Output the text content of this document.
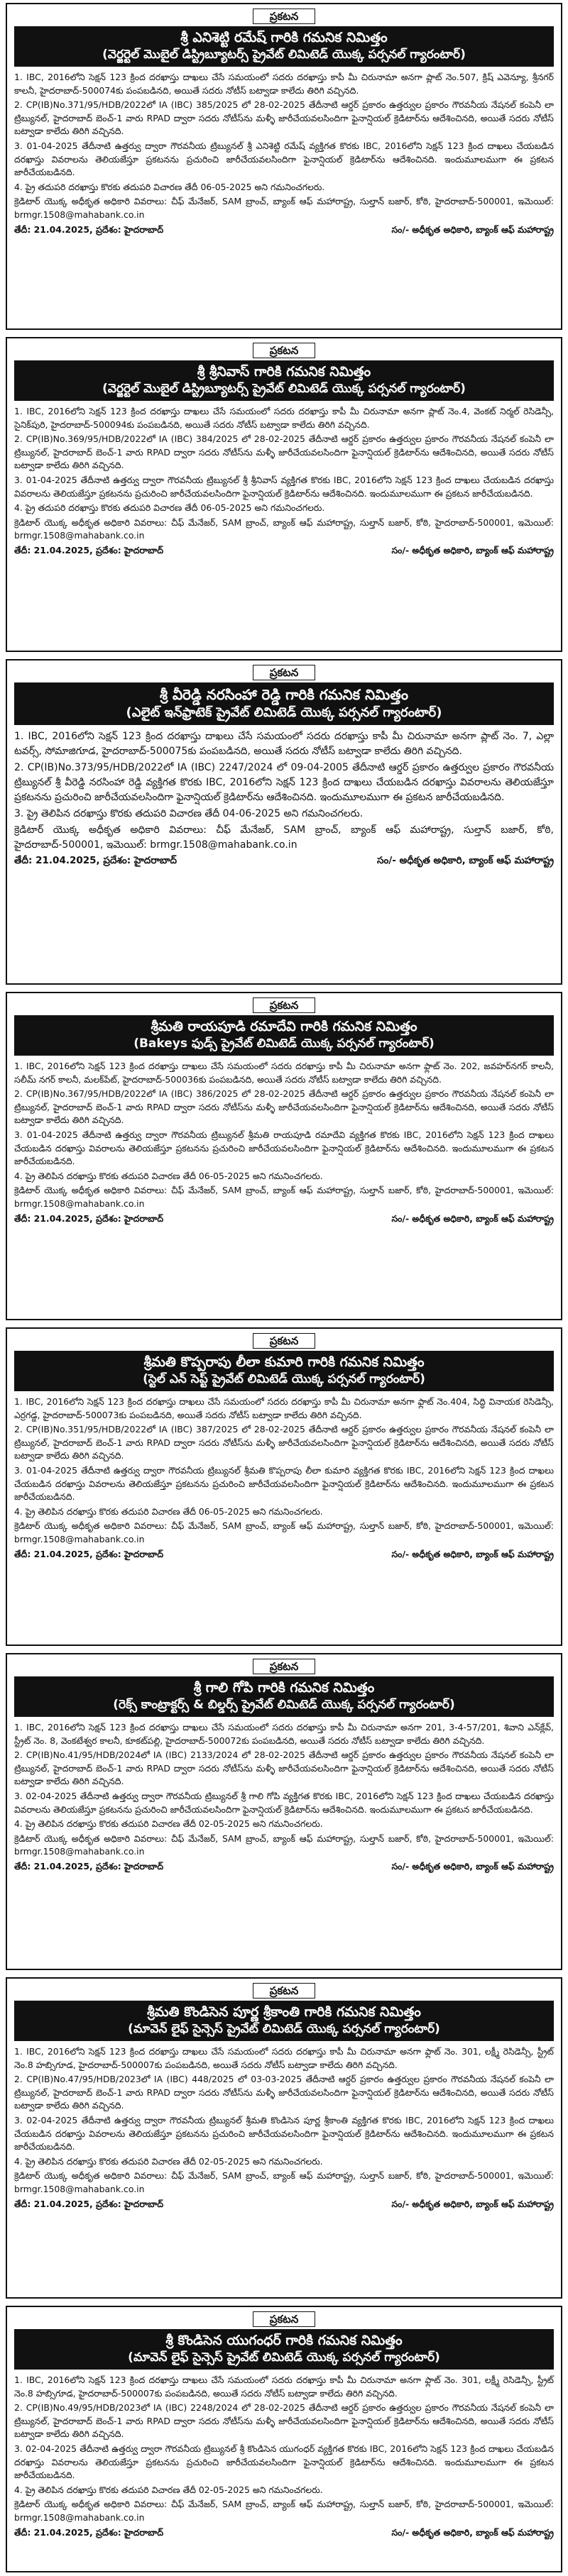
ప్రకటన
శ్రీ ఎనిశెట్టి రమేష్ గారికి గమనిక నిమిత్తం
(వెర్జర్టెల్ మొబైల్ డిస్ట్రిబ్యూటర్స్ ప్రైవేట్ లిమిటెడ్ యొక్క పర్సనల్ గ్యారంటార్)

1. IBC, 2016లోని సెక్షన్ 123 క్రింద దరఖాస్తు దాఖలు చేసే సమయంలో సదరు దరఖాస్తు కాపీ మీ చిరునామా అనగా ప్లాట్ నెం.507, క్రిష్ ఎవెన్యూ, శ్రీనగర్ కాలనీ, హైదరాబాద్-500074కు పంపబడినది, అయితే సదరు నోటీస్ బట్వాడా కాలేదు తిరిగి వచ్చినది.

2. CP(IB)No.371/95/HDB/2022లో IA (IBC) 385/2025 లో 28-02-2025 తేదీనాటి ఆర్డర్ ప్రకారం ఉత్తర్వుల ప్రకారం గౌరవనీయ నేషనల్ కంపెనీ లా ట్రిబ్యునల్, హైదరాబాద్ బెంచ్-1 వారు RPAD ద్వారా సదరు నోటీస్‌ను మళ్ళీ జారీచేయవలసిందిగా ఫైనాన్షియల్ క్రెడిటార్‌ను ఆదేశించినది, అయితే సదరు నోటీస్ బట్వాడా కాలేదు తిరిగి వచ్చినది.

3. 01-04-2025 తేదీనాటి ఉత్తర్వు ద్వారా గౌరవనీయ ట్రిబ్యునల్ శ్రీ ఎనిశెట్టి రమేష్ వ్యక్తిగత కొరకు IBC, 2016లోని సెక్షన్ 123 క్రింద దాఖలు చేయబడిన దరఖాస్తు వివరాలను తెలియజేస్తూ ప్రకటనను ప్రచురించి జారీచేయవలసిందిగా ఫైనాన్షియల్ క్రెడిటార్‌ను ఆదేశించినది. ఇందుమూలముగా ఈ ప్రకటన జారీచేయబడినది.

4. ప్రై తదుపరి దరఖాస్తు కొరకు తదుపరి విచారణ తేదీ 06-05-2025 అని గమనించగలరు.

క్రెడిటార్ యొక్క అధీకృత అధికారి వివరాలు: చీఫ్ మేనేజర్, SAM బ్రాంచ్, బ్యాంక్ ఆఫ్ మహారాష్ట్ర, సుల్తాన్ బజార్, కోఠి, హైదరాబాద్-500001, ఇమెయిల్: brmgr.1508@mahabank.co.in

తేదీ: 21.04.2025, ప్రదేశం: హైదరాబాద్	సం/- అధీకృత అధికారి, బ్యాంక్ ఆఫ్ మహారాష్ట్ర
ప్రకటన
శ్రీ శ్రీనివాస్ గారికి గమనిక నిమిత్తం
(వెర్జర్టెల్ మొబైల్ డిస్ట్రిబ్యూటర్స్ ప్రైవేట్ లిమిటెడ్ యొక్క పర్సనల్ గ్యారంటార్)

1. IBC, 2016లోని సెక్షన్ 123 క్రింద దరఖాస్తు దాఖలు చేసే సమయంలో సదరు దరఖాస్తు కాపీ మీ చిరునామా అనగా ప్లాట్ నెం.4, వెంకట్ నిర్మల్ రెసిడెన్సీ, సైనిక్‌పురి, హైదరాబాద్-500094కు పంపబడినది, అయితే సదరు నోటీస్ బట్వాడా కాలేదు తిరిగి వచ్చినది.

2. CP(IB)No.369/95/HDB/2022లో IA (IBC) 384/2025 లో 28-02-2025 తేదీనాటి ఆర్డర్ ప్రకారం ఉత్తర్వుల ప్రకారం గౌరవనీయ నేషనల్ కంపెనీ లా ట్రిబ్యునల్, హైదరాబాద్ బెంచ్-1 వారు RPAD ద్వారా సదరు నోటీస్‌ను మళ్ళీ జారీచేయవలసిందిగా ఫైనాన్షియల్ క్రెడిటార్‌ను ఆదేశించినది, అయితే సదరు నోటీస్ బట్వాడా కాలేదు తిరిగి వచ్చినది.

3. 01-04-2025 తేదీనాటి ఉత్తర్వు ద్వారా గౌరవనీయ ట్రిబ్యునల్ శ్రీ శ్రీనివాస్ వ్యక్తిగత కొరకు IBC, 2016లోని సెక్షన్ 123 క్రింద దాఖలు చేయబడిన దరఖాస్తు వివరాలను తెలియజేస్తూ ప్రకటనను ప్రచురించి జారీచేయవలసిందిగా ఫైనాన్షియల్ క్రెడిటార్‌ను ఆదేశించినది. ఇందుమూలముగా ఈ ప్రకటన జారీచేయబడినది.

4. ప్రై తదుపరి దరఖాస్తు కొరకు తదుపరి విచారణ తేదీ 06-05-2025 అని గమనించగలరు.

క్రెడిటార్ యొక్క అధీకృత అధికారి వివరాలు: చీఫ్ మేనేజర్, SAM బ్రాంచ్, బ్యాంక్ ఆఫ్ మహారాష్ట్ర, సుల్తాన్ బజార్, కోఠి, హైదరాబాద్-500001, ఇమెయిల్: brmgr.1508@mahabank.co.in

తేదీ: 21.04.2025, ప్రదేశం: హైదరాబాద్	సం/- అధీకృత అధికారి, బ్యాంక్ ఆఫ్ మహారాష్ట్ర
ప్రకటన
శ్రీ వీరెడ్డి నరసింహా రెడ్డి గారికి గమనిక నిమిత్తం
(ఎలైట్ ఇన్‌ఫ్రాటెక్ ప్రైవేట్ లిమిటెడ్ యొక్క పర్సనల్ గ్యారంటార్)

1. IBC, 2016లోని సెక్షన్ 123 క్రింద దరఖాస్తు దాఖలు చేసే సమయంలో సదరు దరఖాస్తు కాపీ మీ చిరునామా అనగా ప్లాట్ నెం. 7, ఎల్లా టవర్స్, సోమాజిగూడ, హైదరాబాద్-500075కు పంపబడినది, అయితే సదరు నోటీస్ బట్వాడా కాలేదు తిరిగి వచ్చినది.

2. CP(IB)No.373/95/HDB/2022లో IA (IBC) 2247/2024 లో 09-04-2005 తేదీనాటి ఆర్డర్ ప్రకారం ఉత్తర్వుల ప్రకారం గౌరవనీయ ట్రిబ్యునల్ శ్రీ వీరెడ్డి నరసింహా రెడ్డి వ్యక్తిగత కొరకు IBC, 2016లోని సెక్షన్ 123 క్రింద దాఖలు చేయబడిన దరఖాస్తు వివరాలను తెలియజేస్తూ ప్రకటనను ప్రచురించి జారీచేయవలసిందిగా ఫైనాన్షియల్ క్రెడిటార్‌ను ఆదేశించినది. ఇందుమూలముగా ఈ ప్రకటన జారీచేయబడినది.

3. ప్రై తెలిపిన దరఖాస్తు కొరకు తదుపరి విచారణ తేదీ 04-06-2025 అని గమనించగలరు.

క్రెడిటార్ యొక్క అధీకృత అధికారి వివరాలు: చీఫ్ మేనేజర్, SAM బ్రాంచ్, బ్యాంక్ ఆఫ్ మహారాష్ట్ర, సుల్తాన్ బజార్, కోఠి, హైదరాబాద్-500001, ఇమెయిల్: brmgr.1508@mahabank.co.in

తేదీ: 21.04.2025, ప్రదేశం: హైదరాబాద్	సం/- అధీకృత అధికారి, బ్యాంక్ ఆఫ్ మహారాష్ట్ర
ప్రకటన
శ్రీమతి రాయపూడి రమాదేవి గారికి గమనిక నిమిత్తం
(Bakeys ఫుడ్స్ ప్రైవేట్ లిమిటెడ్ యొక్క పర్సనల్ గ్యారంటార్)

1. IBC, 2016లోని సెక్షన్ 123 క్రింద దరఖాస్తు దాఖలు చేసే సమయంలో సదరు దరఖాస్తు కాపీ మీ చిరునామా అనగా ఫ్లాట్ నెం. 202, జవహర్‌నగర్ కాలనీ, సలీమ్ నగర్ కాలనీ, మలక్‌పేట్, హైదరాబాద్-500036కు పంపబడినది, అయితే సదరు నోటీస్ బట్వాడా కాలేదు తిరిగి వచ్చినది.

2. CP(IB)No.367/95/HDB/2022లో IA (IBC) 386/2025 లో 28-02-2025 తేదీనాటి ఆర్డర్ ప్రకారం ఉత్తర్వుల ప్రకారం గౌరవనీయ నేషనల్ కంపెనీ లా ట్రిబ్యునల్, హైదరాబాద్ బెంచ్-1 వారు RPAD ద్వారా సదరు నోటీస్‌ను మళ్ళీ జారీచేయవలసిందిగా ఫైనాన్షియల్ క్రెడిటార్‌ను ఆదేశించినది, అయితే సదరు నోటీస్ బట్వాడా కాలేదు తిరిగి వచ్చినది.

3. 01-04-2025 తేదీనాటి ఉత్తర్వు ద్వారా గౌరవనీయ ట్రిబ్యునల్ శ్రీమతి రాయపూడి రమాదేవి వ్యక్తిగత కొరకు IBC, 2016లోని సెక్షన్ 123 క్రింద దాఖలు చేయబడిన దరఖాస్తు వివరాలను తెలియజేస్తూ ప్రకటనను ప్రచురించి జారీచేయవలసిందిగా ఫైనాన్షియల్ క్రెడిటార్‌ను ఆదేశించినది. ఇందుమూలముగా ఈ ప్రకటన జారీచేయబడినది.

4. ప్రై తెలిపిన దరఖాస్తు కొరకు తదుపరి విచారణ తేదీ 06-05-2025 అని గమనించగలరు.

క్రెడిటార్ యొక్క అధీకృత అధికారి వివరాలు: చీఫ్ మేనేజర్, SAM బ్రాంచ్, బ్యాంక్ ఆఫ్ మహారాష్ట్ర, సుల్తాన్ బజార్, కోఠి, హైదరాబాద్-500001, ఇమెయిల్: brmgr.1508@mahabank.co.in

తేదీ: 21.04.2025, ప్రదేశం: హైదరాబాద్	సం/- అధీకృత అధికారి, బ్యాంక్ ఆఫ్ మహారాష్ట్ర
ప్రకటన
శ్రీమతి కొప్పరాపు లీలా కుమారి గారికి గమనిక నిమిత్తం
(స్టెల్ ఎన్ సెప్ట్ ప్రైవేట్ లిమిటెడ్ యొక్క పర్సనల్ గ్యారంటార్)

1. IBC, 2016లోని సెక్షన్ 123 క్రింద దరఖాస్తు దాఖలు చేసే సమయంలో సదరు దరఖాస్తు కాపీ మీ చిరునామా అనగా ఫ్లాట్ నెం.404, సిద్ధి వినాయక రెసిడెన్సీ, ఎర్రగడ్డ, హైదరాబాద్-500073కు పంపబడినది, అయితే సదరు నోటీస్ బట్వాడా కాలేదు తిరిగి వచ్చినది.

2. CP(IB)No.351/95/HDB/2022లో IA (IBC) 387/2025 లో 28-02-2025 తేదీనాటి ఆర్డర్ ప్రకారం ఉత్తర్వుల ప్రకారం గౌరవనీయ నేషనల్ కంపెనీ లా ట్రిబ్యునల్, హైదరాబాద్ బెంచ్-1 వారు RPAD ద్వారా సదరు నోటీస్‌ను మళ్ళీ జారీచేయవలసిందిగా ఫైనాన్షియల్ క్రెడిటార్‌ను ఆదేశించినది, అయితే సదరు నోటీస్ బట్వాడా కాలేదు తిరిగి వచ్చినది.

3. 01-04-2025 తేదీనాటి ఉత్తర్వు ద్వారా గౌరవనీయ ట్రిబ్యునల్ శ్రీమతి కొప్పరాపు లీలా కుమారి వ్యక్తిగత కొరకు IBC, 2016లోని సెక్షన్ 123 క్రింద దాఖలు చేయబడిన దరఖాస్తు వివరాలను తెలియజేస్తూ ప్రకటనను ప్రచురించి జారీచేయవలసిందిగా ఫైనాన్షియల్ క్రెడిటార్‌ను ఆదేశించినది. ఇందుమూలముగా ఈ ప్రకటన జారీచేయబడినది.

4. ప్రై తెలిపిన దరఖాస్తు కొరకు తదుపరి విచారణ తేదీ 06-05-2025 అని గమనించగలరు.

క్రెడిటార్ యొక్క అధీకృత అధికారి వివరాలు: చీఫ్ మేనేజర్, SAM బ్రాంచ్, బ్యాంక్ ఆఫ్ మహారాష్ట్ర, సుల్తాన్ బజార్, కోఠి, హైదరాబాద్-500001, ఇమెయిల్: brmgr.1508@mahabank.co.in

తేదీ: 21.04.2025, ప్రదేశం: హైదరాబాద్	సం/- అధీకృత అధికారి, బ్యాంక్ ఆఫ్ మహారాష్ట్ర
ప్రకటన
శ్రీ గాలి గోపి గారికి గమనిక నిమిత్తం
(రెక్స్ కాంట్రాక్టర్స్ & బిల్డర్స్ ప్రైవేట్ లిమిటెడ్ యొక్క పర్సనల్ గ్యారంటార్)

1. IBC, 2016లోని సెక్షన్ 123 క్రింద దరఖాస్తు దాఖలు చేసే సమయంలో సదరు దరఖాస్తు కాపీ మీ చిరునామా అనగా 201, 3-4-57/201, శివాని ఎన్‌క్లేవ్, స్ట్రీట్ నెం. 8, వెంకటేశ్వర కాలనీ, కూకట్‌పల్లి, హైదరాబాద్-500072కు పంపబడినది, అయితే సదరు నోటీస్ బట్వాడా కాలేదు తిరిగి వచ్చినది.

2. CP(IB)No.41/95/HDB/2024లో IA (IBC) 2133/2024 లో 28-02-2025 తేదీనాటి ఆర్డర్ ప్రకారం ఉత్తర్వుల ప్రకారం గౌరవనీయ నేషనల్ కంపెనీ లా ట్రిబ్యునల్, హైదరాబాద్ బెంచ్-1 వారు RPAD ద్వారా సదరు నోటీస్‌ను మళ్ళీ జారీచేయవలసిందిగా ఫైనాన్షియల్ క్రెడిటార్‌ను ఆదేశించినది, అయితే సదరు నోటీస్ బట్వాడా కాలేదు తిరిగి వచ్చినది.

3. 02-04-2025 తేదీనాటి ఉత్తర్వు ద్వారా గౌరవనీయ ట్రిబ్యునల్ శ్రీ గాలి గోపి వ్యక్తిగత కొరకు IBC, 2016లోని సెక్షన్ 123 క్రింద దాఖలు చేయబడిన దరఖాస్తు వివరాలను తెలియజేస్తూ ప్రకటనను ప్రచురించి జారీచేయవలసిందిగా ఫైనాన్షియల్ క్రెడిటార్‌ను ఆదేశించినది. ఇందుమూలముగా ఈ ప్రకటన జారీచేయబడినది.

4. ప్రై తెలిపిన దరఖాస్తు కొరకు తదుపరి విచారణ తేదీ 02-05-2025 అని గమనించగలరు.

క్రెడిటార్ యొక్క అధీకృత అధికారి వివరాలు: చీఫ్ మేనేజర్, SAM బ్రాంచ్, బ్యాంక్ ఆఫ్ మహారాష్ట్ర, సుల్తాన్ బజార్, కోఠి, హైదరాబాద్-500001, ఇమెయిల్: brmgr.1508@mahabank.co.in

తేదీ: 21.04.2025, ప్రదేశం: హైదరాబాద్	సం/- అధీకృత అధికారి, బ్యాంక్ ఆఫ్ మహారాష్ట్ర
ప్రకటన
శ్రీమతి కొండిసెన పూర్ణ శ్రీకాంతి గారికి గమనిక నిమిత్తం
(మావెన్ లైఫ్ సైన్సెస్ ప్రైవేట్ లిమిటెడ్ యొక్క పర్సనల్ గ్యారంటార్)

1. IBC, 2016లోని సెక్షన్ 123 క్రింద దరఖాస్తు దాఖలు చేసే సమయంలో సదరు దరఖాస్తు కాపీ మీ చిరునామా అనగా ఫ్లాట్ నెం. 301, లక్ష్మీ రెసిడెన్సీ, స్ట్రీట్ నెం.8 హబ్సిగూడ, హైదరాబాద్-500007కు పంపబడినది, అయితే సదరు నోటీస్ బట్వాడా కాలేదు తిరిగి వచ్చినది.

2. CP(IB)No.47/95/HDB/2023లో IA (IBC) 448/2025 లో 03-03-2025 తేదీనాటి ఆర్డర్ ప్రకారం ఉత్తర్వుల ప్రకారం గౌరవనీయ నేషనల్ కంపెనీ లా ట్రిబ్యునల్, హైదరాబాద్ బెంచ్-1 వారు RPAD ద్వారా సదరు నోటీస్‌ను మళ్ళీ జారీచేయవలసిందిగా ఫైనాన్షియల్ క్రెడిటార్‌ను ఆదేశించినది, అయితే సదరు నోటీస్ బట్వాడా కాలేదు తిరిగి వచ్చినది.

3. 02-04-2025 తేదీనాటి ఉత్తర్వు ద్వారా గౌరవనీయ ట్రిబ్యునల్ శ్రీమతి కొండిసెన పూర్ణ శ్రీకాంతి వ్యక్తిగత కొరకు IBC, 2016లోని సెక్షన్ 123 క్రింద దాఖలు చేయబడిన దరఖాస్తు వివరాలను తెలియజేస్తూ ప్రకటనను ప్రచురించి జారీచేయవలసిందిగా ఫైనాన్షియల్ క్రెడిటార్‌ను ఆదేశించినది. ఇందుమూలముగా ఈ ప్రకటన జారీచేయబడినది.

4. ప్రై తెలిపిన దరఖాస్తు కొరకు తదుపరి విచారణ తేదీ 02-05-2025 అని గమనించగలరు.

క్రెడిటార్ యొక్క అధీకృత అధికారి వివరాలు: చీఫ్ మేనేజర్, SAM బ్రాంచ్, బ్యాంక్ ఆఫ్ మహారాష్ట్ర, సుల్తాన్ బజార్, కోఠి, హైదరాబాద్-500001, ఇమెయిల్: brmgr.1508@mahabank.co.in

తేదీ: 21.04.2025, ప్రదేశం: హైదరాబాద్	సం/- అధీకృత అధికారి, బ్యాంక్ ఆఫ్ మహారాష్ట్ర
ప్రకటన
శ్రీ కొండిసెన యుగంధర్ గారికి గమనిక నిమిత్తం
(మావెన్ లైఫ్ సైన్సెస్ ప్రైవేట్ లిమిటెడ్ యొక్క పర్సనల్ గ్యారంటార్)

1. IBC, 2016లోని సెక్షన్ 123 క్రింద దరఖాస్తు దాఖలు చేసే సమయంలో సదరు దరఖాస్తు కాపీ మీ చిరునామా అనగా ఫ్లాట్ నెం. 301, లక్ష్మీ రెసిడెన్సీ, స్ట్రీట్ నెం.8 హబ్సిగూడ, హైదరాబాద్-500007కు పంపబడినది, అయితే సదరు నోటీస్ బట్వాడా కాలేదు తిరిగి వచ్చినది.

2. CP(IB)No.49/95/HDB/2023లో IA (IBC) 2248/2024 లో 28-02-2025 తేదీనాటి ఆర్డర్ ప్రకారం ఉత్తర్వుల ప్రకారం గౌరవనీయ నేషనల్ కంపెనీ లా ట్రిబ్యునల్, హైదరాబాద్ బెంచ్-1 వారు RPAD ద్వారా సదరు నోటీస్‌ను మళ్ళీ జారీచేయవలసిందిగా ఫైనాన్షియల్ క్రెడిటార్‌ను ఆదేశించినది, అయితే సదరు నోటీస్ బట్వాడా కాలేదు తిరిగి వచ్చినది.

3. 02-04-2025 తేదీనాటి ఉత్తర్వు ద్వారా గౌరవనీయ ట్రిబ్యునల్ శ్రీ కొండిసెన యుగంధర్ వ్యక్తిగత కొరకు IBC, 2016లోని సెక్షన్ 123 క్రింద దాఖలు చేయబడిన దరఖాస్తు వివరాలను తెలియజేస్తూ ప్రకటనను ప్రచురించి జారీచేయవలసిందిగా ఫైనాన్షియల్ క్రెడిటార్‌ను ఆదేశించినది. ఇందుమూలముగా ఈ ప్రకటన జారీచేయబడినది.

4. ప్రై తెలిపిన దరఖాస్తు కొరకు తదుపరి విచారణ తేదీ 02-05-2025 అని గమనించగలరు.

క్రెడిటార్ యొక్క అధీకృత అధికారి వివరాలు: చీఫ్ మేనేజర్, SAM బ్రాంచ్, బ్యాంక్ ఆఫ్ మహారాష్ట్ర, సుల్తాన్ బజార్, కోఠి, హైదరాబాద్-500001, ఇమెయిల్: brmgr.1508@mahabank.co.in

తేదీ: 21.04.2025, ప్రదేశం: హైదరాబాద్	సం/- అధీకృత అధికారి, బ్యాంక్ ఆఫ్ మహారాష్ట్ర
